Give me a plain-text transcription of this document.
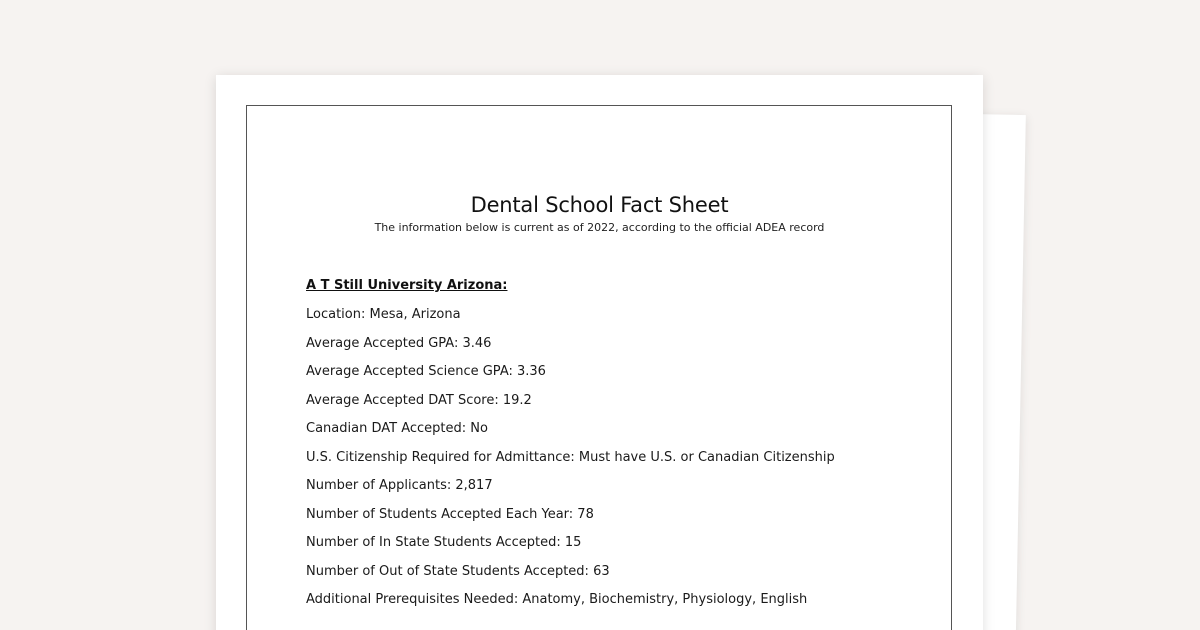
Dental School Fact Sheet
The information below is current as of 2022, according to the official ADEA record
A T Still University Arizona:
Location: Mesa, Arizona
Average Accepted GPA: 3.46
Average Accepted Science GPA: 3.36
Average Accepted DAT Score: 19.2
Canadian DAT Accepted: No
U.S. Citizenship Required for Admittance: Must have U.S. or Canadian Citizenship
Number of Applicants: 2,817
Number of Students Accepted Each Year: 78
Number of In State Students Accepted: 15
Number of Out of State Students Accepted: 63
Additional Prerequisites Needed: Anatomy, Biochemistry, Physiology, English
